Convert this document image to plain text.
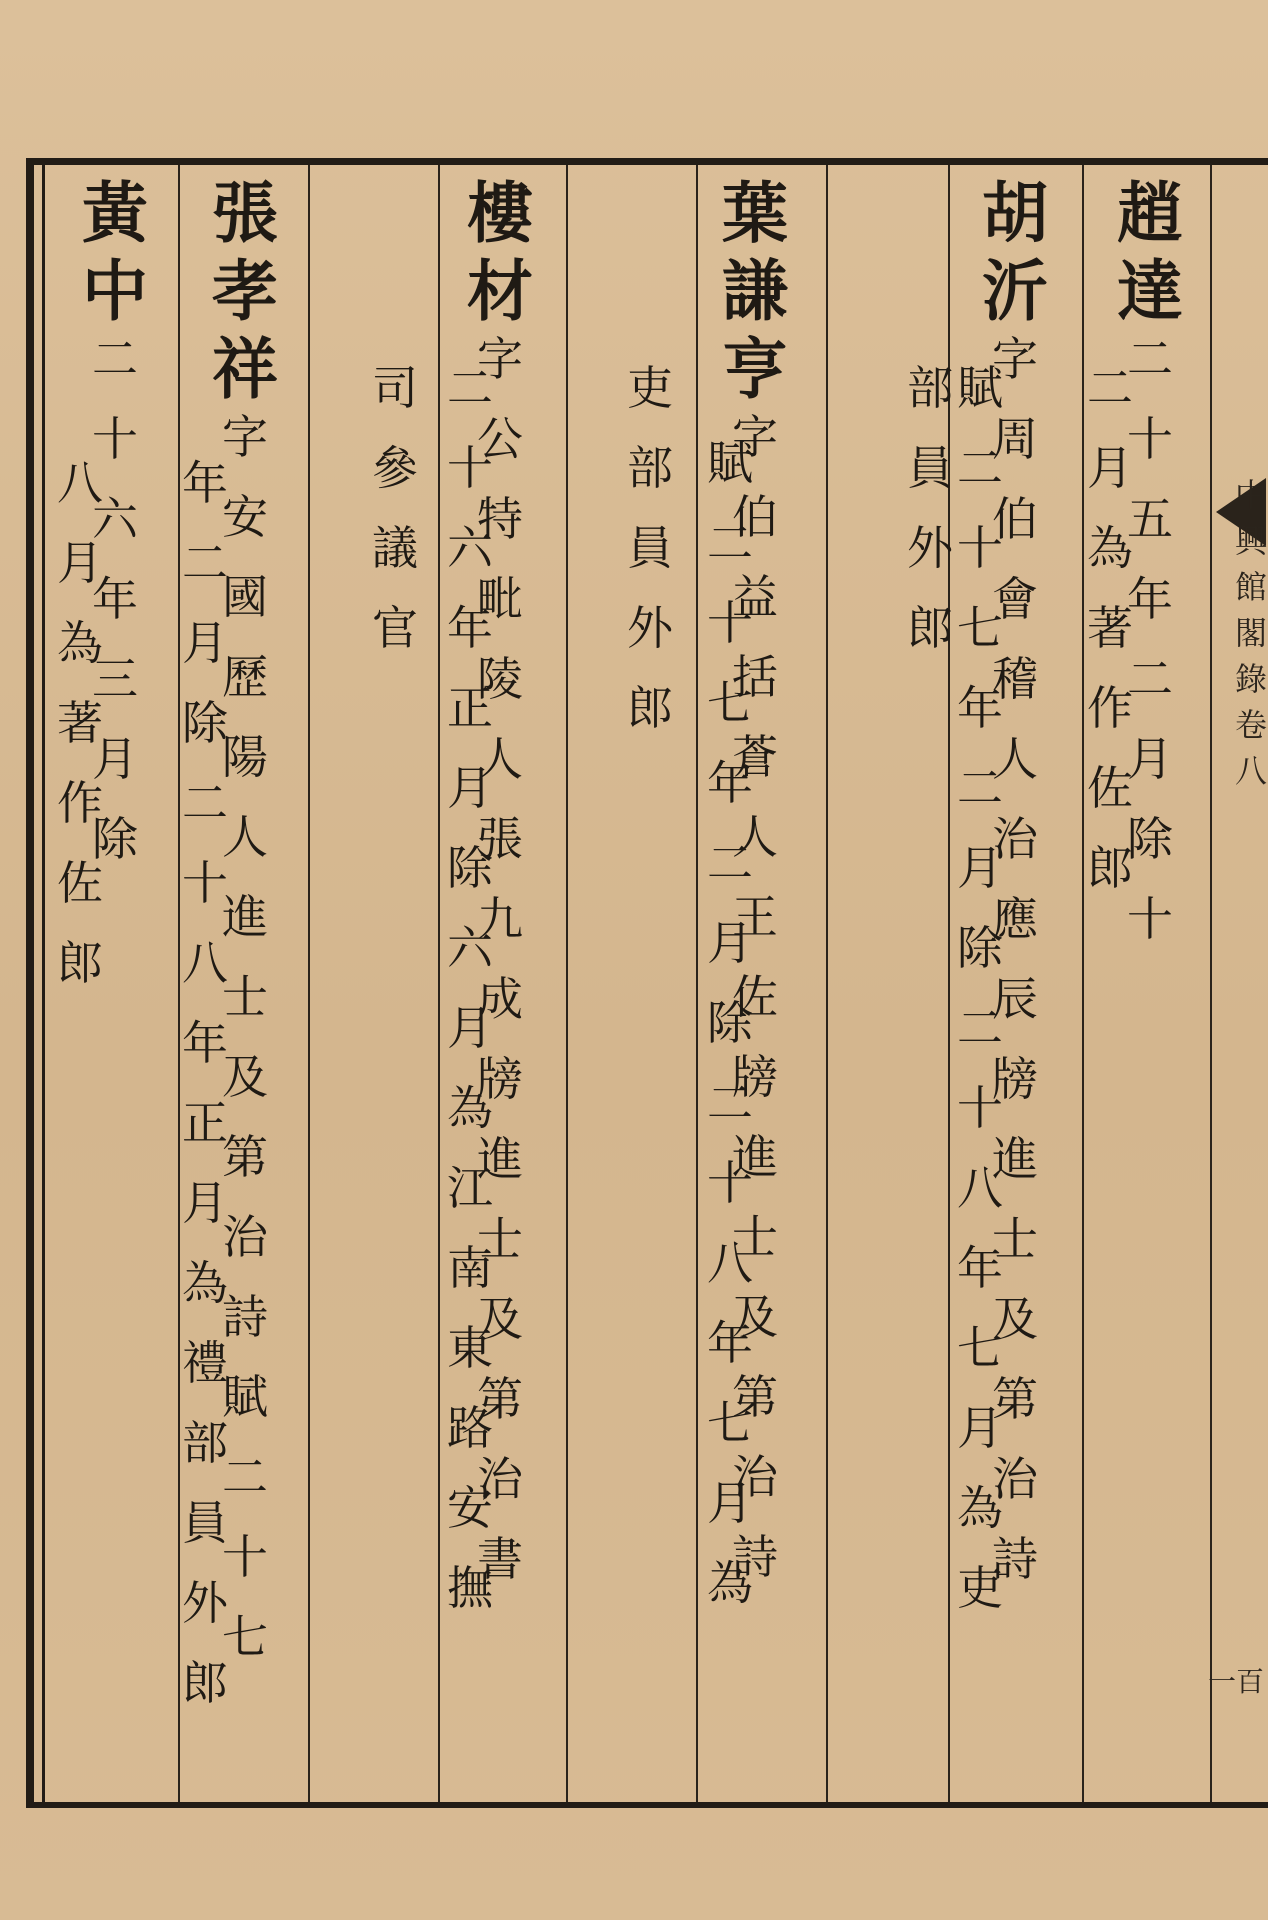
趙
達
二
十
五
年
二
月
除
十
二
月
為
著
作
佐
郎
胡
沂
字
周
伯
會
稽
人
治
應
辰
牓
進
士
及
第
治
詩
賦
二
十
七
年
二
月
除
二
十
八
年
七
月
為
吏
部
員
外
郎
葉
謙
亨
字
伯
益
括
蒼
人
王
佐
牓
進
士
及
第
治
詩
賦
二
十
七
年
二
月
除
二
十
八
年
七
月
為
吏
部
員
外
郎
樓
材
字
公
特
毗
陵
人
張
九
成
牓
進
士
及
第
治
書
二
十
六
年
正
月
除
六
月
為
江
南
東
路
安
撫
司
參
議
官
張
孝
祥
字
安
國
歷
陽
人
進
士
及
第
治
詩
賦
二
十
七
年
二
月
除
二
十
八
年
正
月
為
禮
部
員
外
郎
黃
中
二
十
六
年
三
月
除
八
月
為
著
作
佐
郎
中
興
館
閣
錄
卷
八
一百
